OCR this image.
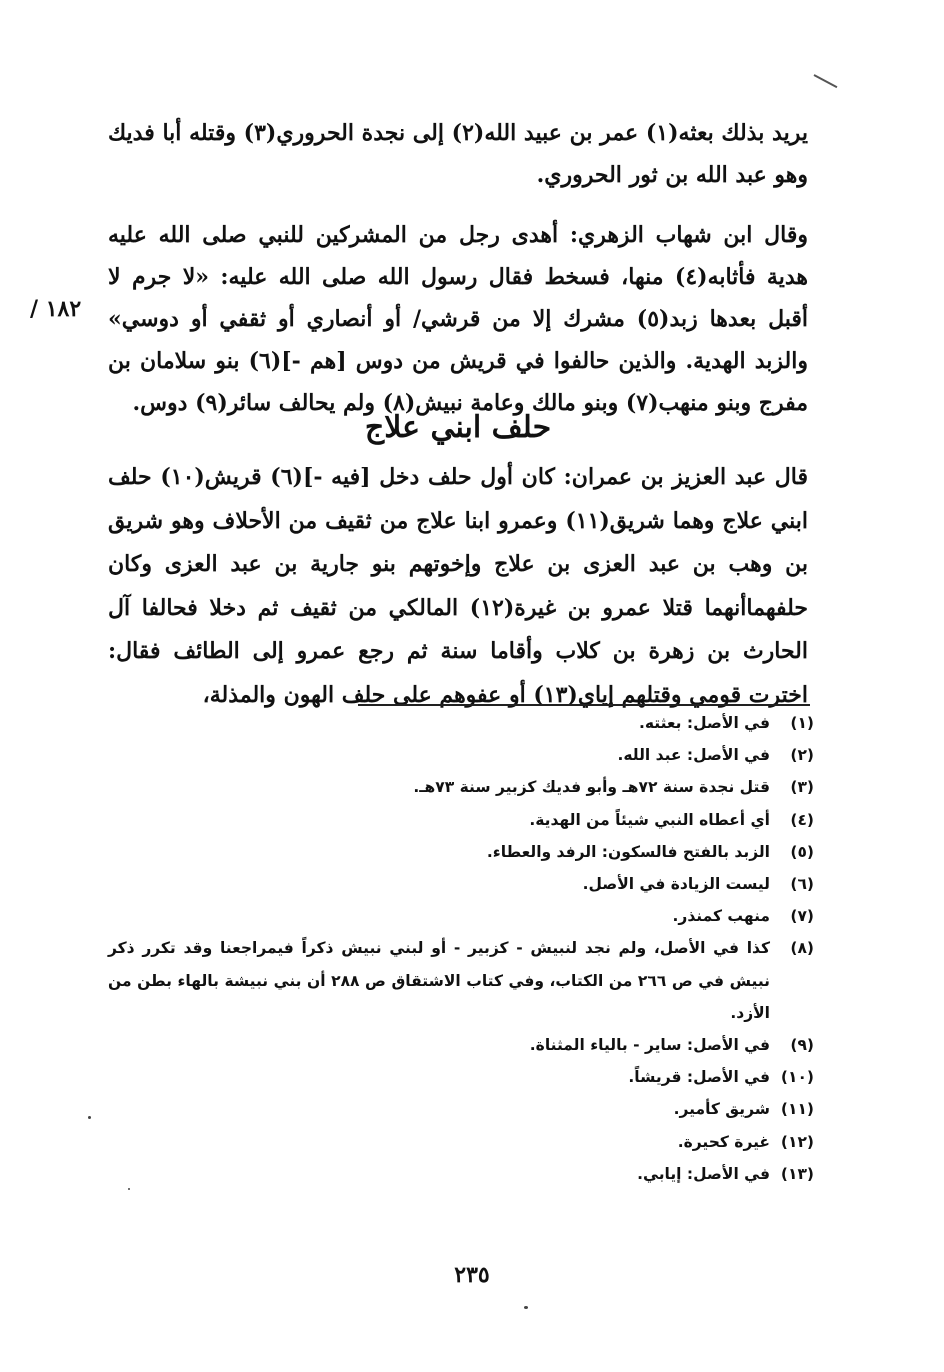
يريد بذلك بعثه(١) عمر بن عبيد الله(٢) إلى نجدة الحروري(٣) وقتله أبا فديك وهو عبد الله بن ثور الحروري.
وقال ابن شهاب الزهري: أهدى رجل من المشركين للنبي صلى الله عليه هدية فأثابه(٤) منها، فسخط فقال رسول الله صلى الله عليه: «لا جرم لا أقبل بعدها زبد(٥) مشرك إلا من قرشي/ أو أنصاري أو ثقفي أو دوسي» والزبد الهدية. والذين حالفوا في قريش من دوس [هم -](٦) بنو سلامان بن مفرج وبنو منهب(٧) وبنو مالك وعامة نبيش(٨) ولم يحالف سائر(٩) دوس.
/ ١٨٢
حلف ابني علاج
قال عبد العزيز بن عمران: كان أول حلف دخل [فيه -](٦) قريش(١٠) حلف ابني علاج وهما شريق(١١) وعمرو ابنا علاج من ثقيف من الأحلاف وهو شريق بن وهب بن عبد العزى بن علاج وإخوتهم بنو جارية بن عبد العزى وكان حلفهماأنهما قتلا عمرو بن غيرة(١٢) المالكي من ثقيف ثم دخلا فحالفا آل الحارث بن زهرة بن كلاب وأقاما سنة ثم رجع عمرو إلى الطائف فقال: اخترت قومي وقتلهم إياي(١٣) أو عفوهم على حلف الهون والمذلة،
(١)
في الأصل: بعثته.
(٢)
في الأصل: عبد الله.
(٣)
قتل نجدة سنة ٧٢هـ وأبو فديك كزبير سنة ٧٣هـ.
(٤)
أي أعطاه النبي شيئاً من الهدية.
(٥)
الزبد بالفتح فالسكون: الرفد والعطاء.
(٦)
ليست الزيادة في الأصل.
(٧)
منهب كمنذر.
(٨)
كذا في الأصل، ولم نجد لنبيش - كزبير - أو لبني نبيش ذكراً فيمراجعنا وقد تكرر ذكر نبيش في ص ٢٦٦ من الكتاب، وفي كتاب الاشتقاق ص ٢٨٨ أن بني نبيشة بالهاء بطن من الأزد.
(٩)
في الأصل: ساير - بالياء المثناة.
(١٠)
في الأصل: قريشاً.
(١١)
شريق كأمير.
(١٢)
غيرة كحيرة.
(١٣)
في الأصل: إيابي.
٢٣٥
